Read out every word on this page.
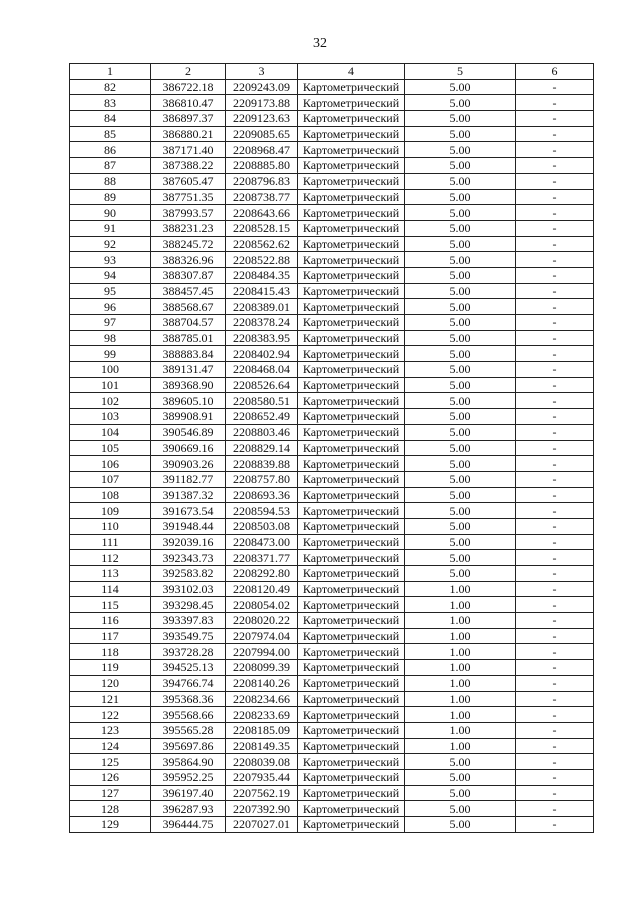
32
1	2	3	4	5	6
82	386722.18	2209243.09	Картометрический	5.00	-
83	386810.47	2209173.88	Картометрический	5.00	-
84	386897.37	2209123.63	Картометрический	5.00	-
85	386880.21	2209085.65	Картометрический	5.00	-
86	387171.40	2208968.47	Картометрический	5.00	-
87	387388.22	2208885.80	Картометрический	5.00	-
88	387605.47	2208796.83	Картометрический	5.00	-
89	387751.35	2208738.77	Картометрический	5.00	-
90	387993.57	2208643.66	Картометрический	5.00	-
91	388231.23	2208528.15	Картометрический	5.00	-
92	388245.72	2208562.62	Картометрический	5.00	-
93	388326.96	2208522.88	Картометрический	5.00	-
94	388307.87	2208484.35	Картометрический	5.00	-
95	388457.45	2208415.43	Картометрический	5.00	-
96	388568.67	2208389.01	Картометрический	5.00	-
97	388704.57	2208378.24	Картометрический	5.00	-
98	388785.01	2208383.95	Картометрический	5.00	-
99	388883.84	2208402.94	Картометрический	5.00	-
100	389131.47	2208468.04	Картометрический	5.00	-
101	389368.90	2208526.64	Картометрический	5.00	-
102	389605.10	2208580.51	Картометрический	5.00	-
103	389908.91	2208652.49	Картометрический	5.00	-
104	390546.89	2208803.46	Картометрический	5.00	-
105	390669.16	2208829.14	Картометрический	5.00	-
106	390903.26	2208839.88	Картометрический	5.00	-
107	391182.77	2208757.80	Картометрический	5.00	-
108	391387.32	2208693.36	Картометрический	5.00	-
109	391673.54	2208594.53	Картометрический	5.00	-
110	391948.44	2208503.08	Картометрический	5.00	-
111	392039.16	2208473.00	Картометрический	5.00	-
112	392343.73	2208371.77	Картометрический	5.00	-
113	392583.82	2208292.80	Картометрический	5.00	-
114	393102.03	2208120.49	Картометрический	1.00	-
115	393298.45	2208054.02	Картометрический	1.00	-
116	393397.83	2208020.22	Картометрический	1.00	-
117	393549.75	2207974.04	Картометрический	1.00	-
118	393728.28	2207994.00	Картометрический	1.00	-
119	394525.13	2208099.39	Картометрический	1.00	-
120	394766.74	2208140.26	Картометрический	1.00	-
121	395368.36	2208234.66	Картометрический	1.00	-
122	395568.66	2208233.69	Картометрический	1.00	-
123	395565.28	2208185.09	Картометрический	1.00	-
124	395697.86	2208149.35	Картометрический	1.00	-
125	395864.90	2208039.08	Картометрический	5.00	-
126	395952.25	2207935.44	Картометрический	5.00	-
127	396197.40	2207562.19	Картометрический	5.00	-
128	396287.93	2207392.90	Картометрический	5.00	-
129	396444.75	2207027.01	Картометрический	5.00	-
